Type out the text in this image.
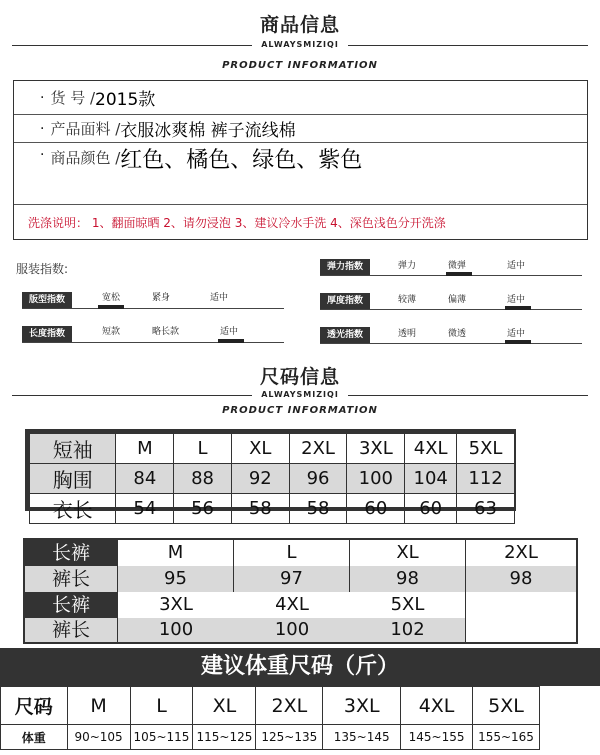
商品信息
ALWAYSMIZIQI
PRODUCT INFORMATION
· 货 号 / 2015款
· 产品面料 / 衣服冰爽棉 裤子流线棉
· 商品颜色 / 红色、橘色、绿色、紫色
洗涤说明： 1、翻面晾晒 2、请勿浸泡 3、建议冷水手洗 4、深色浅色分开洗涤
服装指数:
版型指数	宽松	紧身	适中
长度指数	短款	略长款	适中
弹力指数	弹力	微弹	适中
厚度指数	较薄	偏薄	适中
透光指数	透明	微透	适中
尺码信息
ALWAYSMIZIQI
PRODUCT INFORMATION
短袖	M	L	XL	2XL	3XL	4XL	5XL
胸围	84	88	92	96	100	104	112
衣长	54	56	58	58	60	60	63
长裤	M	L	XL	2XL
裤长	95	97	98	98
长裤	3XL	4XL	5XL
裤长	100	100	102
建议体重尺码（斤）
尺码	M	L	XL	2XL	3XL	4XL	5XL
体重	90~105	105~115	115~125	125~135	135~145	145~155	155~165
